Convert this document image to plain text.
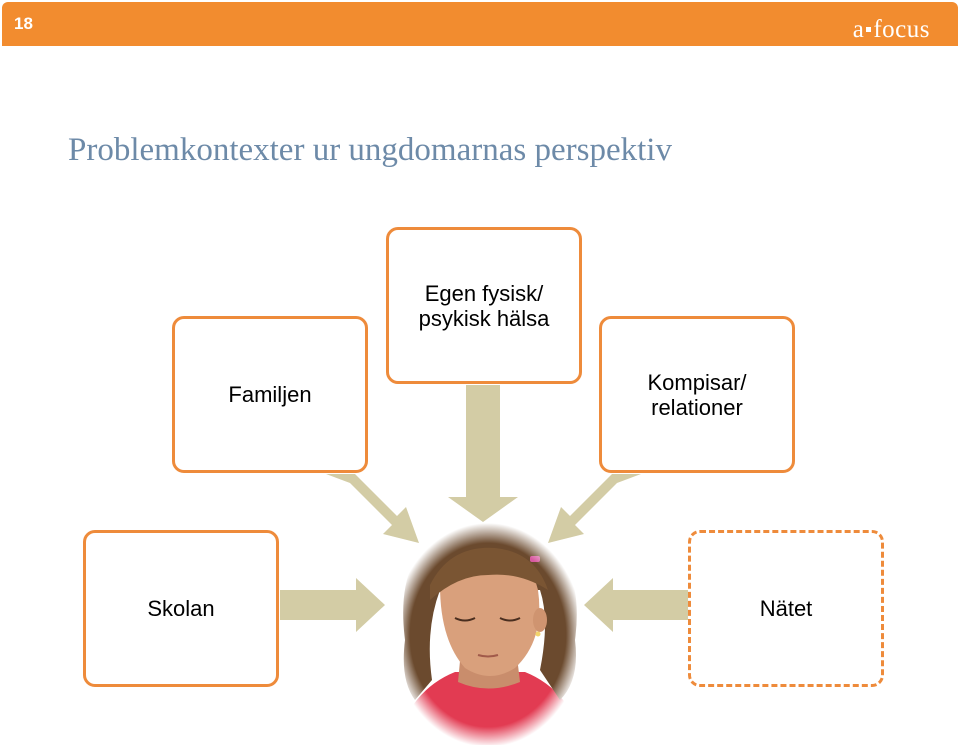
18	a focus
Problemkontexter ur ungdomarnas perspektiv
Egen fysisk/
psykisk hälsa
Familjen	Kompisar/
relationer
Skolan	Nätet
